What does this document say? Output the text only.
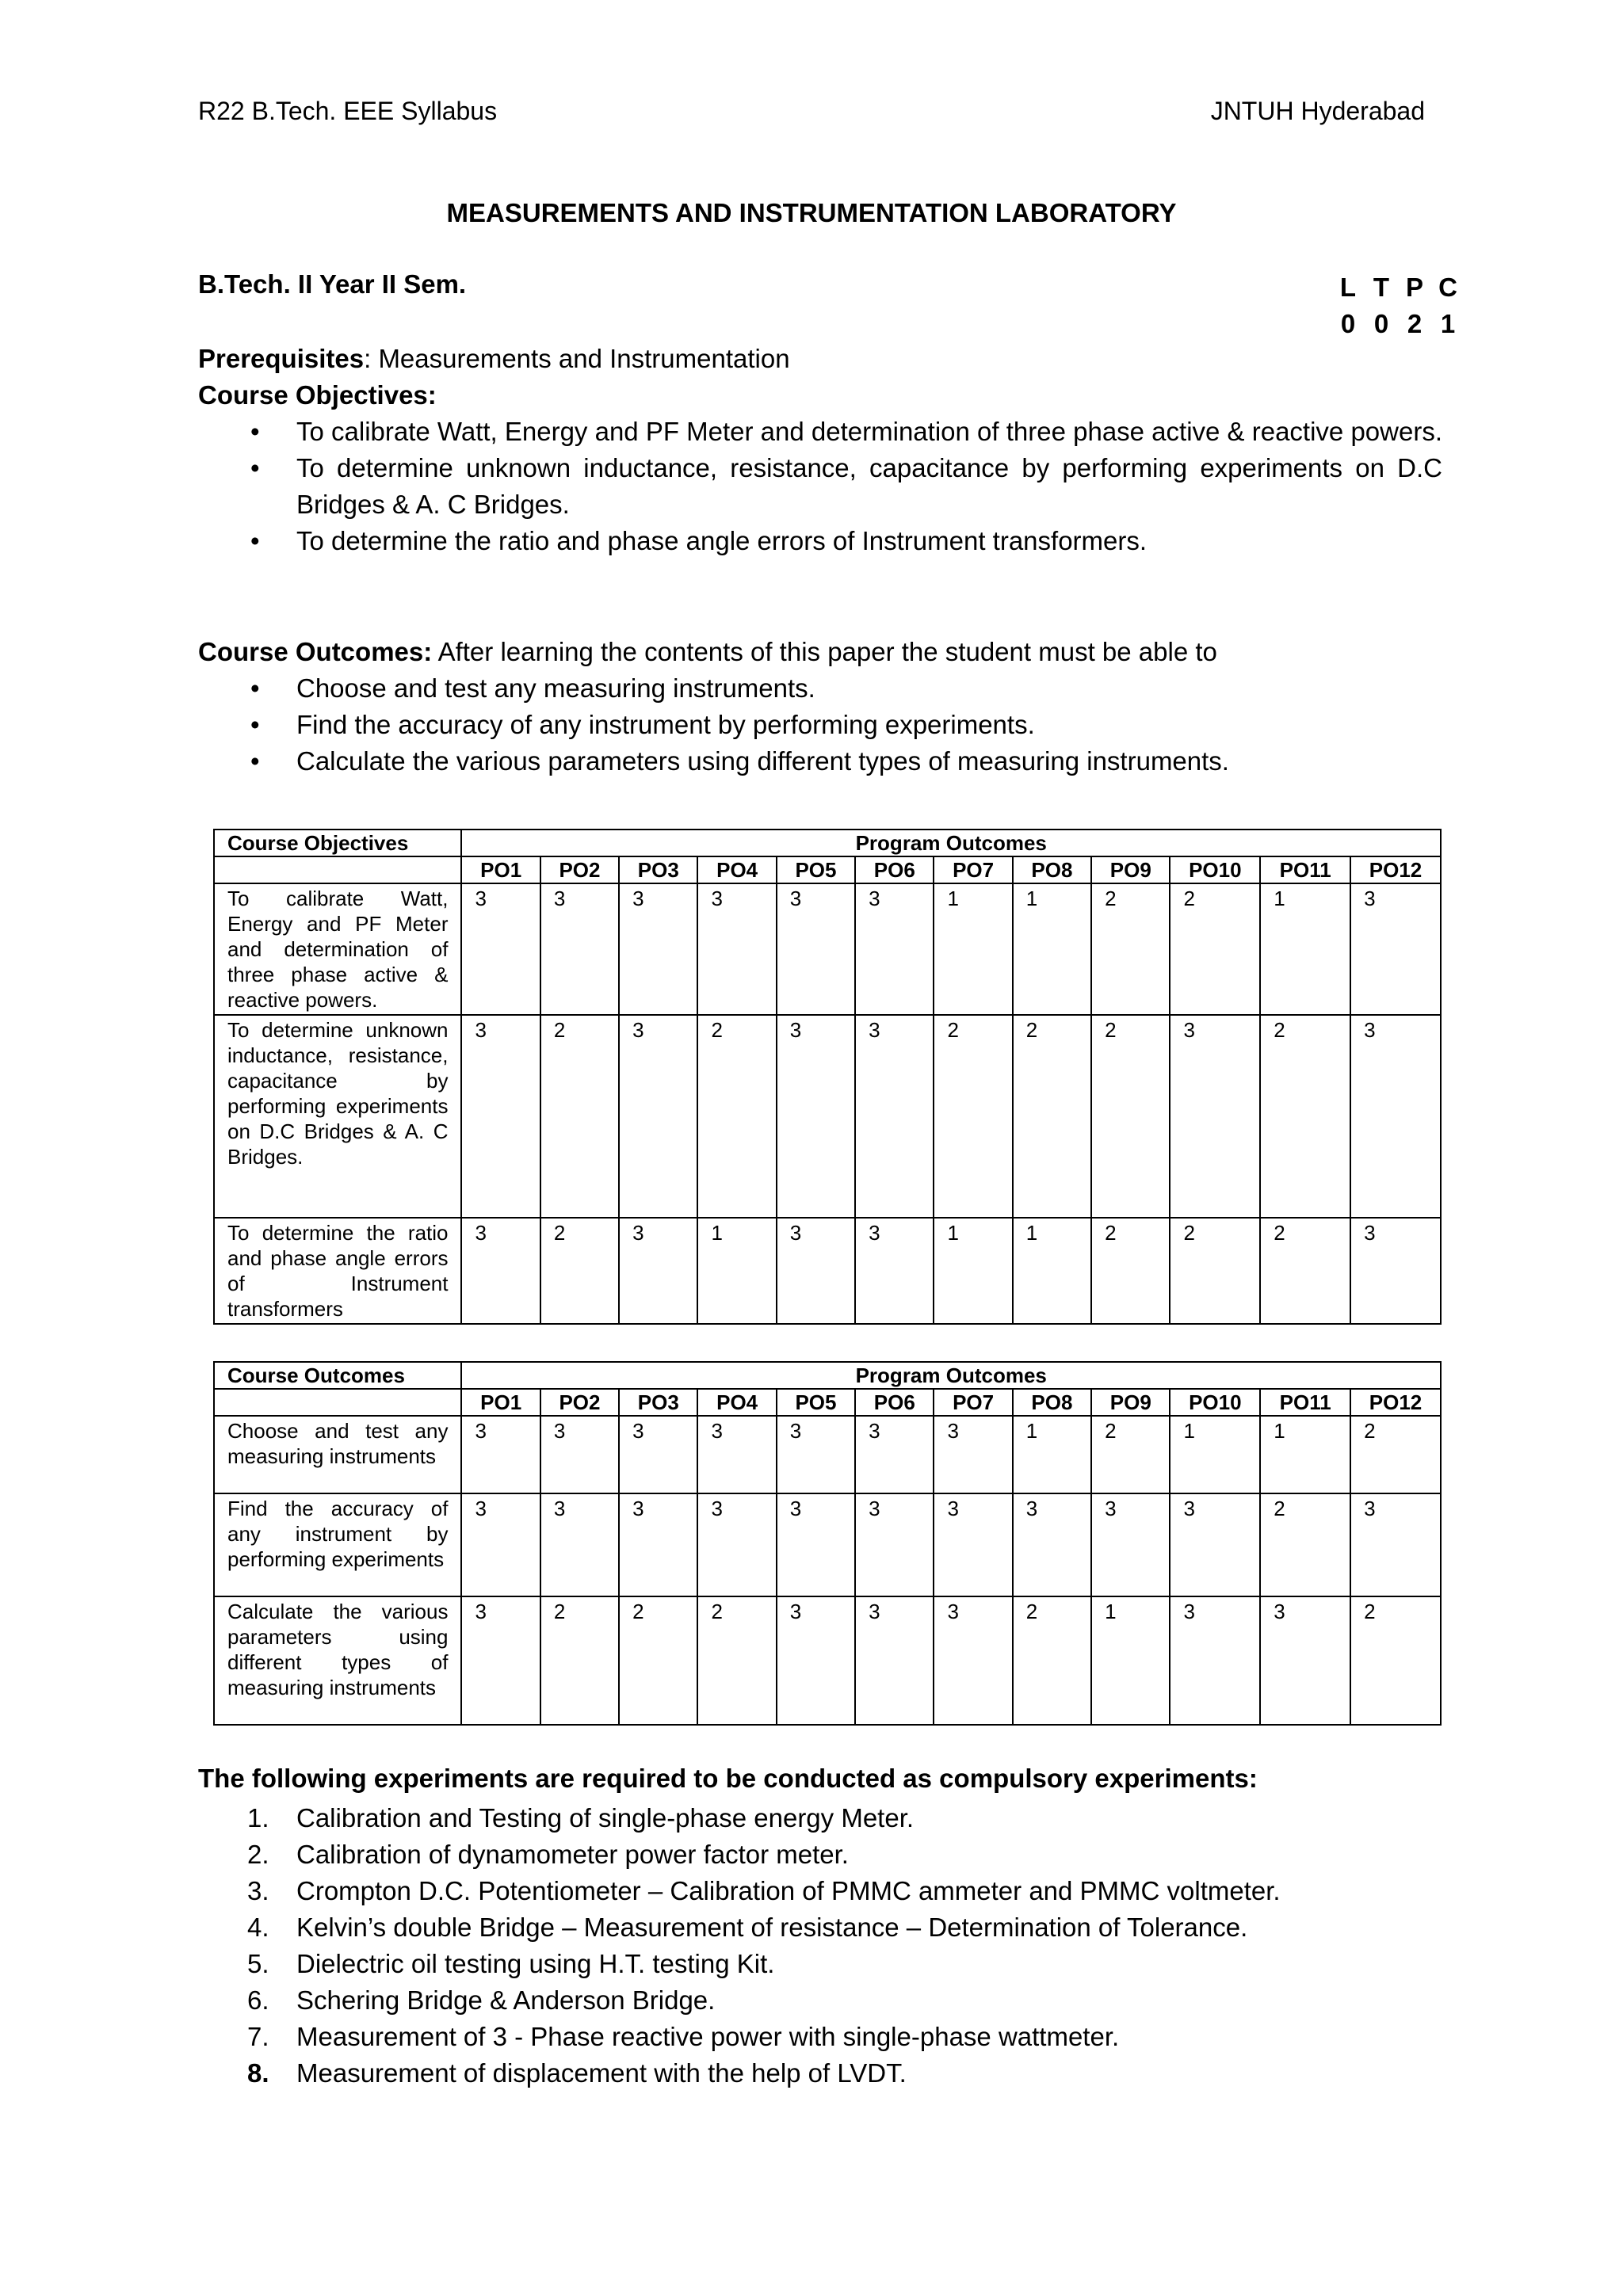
R22 B.Tech. EEE Syllabus	JNTUH Hyderabad
MEASUREMENTS AND INSTRUMENTATION LABORATORY
B.Tech. II Year II Sem.	L T P C
0 0 2 1
Prerequisites: Measurements and Instrumentation
Course Objectives:
• To calibrate Watt, Energy and PF Meter and determination of three phase active & reactive powers.
• To determine unknown inductance, resistance, capacitance by performing experiments on D.C Bridges & A. C Bridges.
• To determine the ratio and phase angle errors of Instrument transformers.
Course Outcomes: After learning the contents of this paper the student must be able to
• Choose and test any measuring instruments.
• Find the accuracy of any instrument by performing experiments.
• Calculate the various parameters using different types of measuring instruments.
Course Objectives	Program Outcomes											
	PO1	PO2	PO3	PO4	PO5	PO6	PO7	PO8	PO9	PO10	PO11	PO12
To calibrate Watt, Energy and PF Meter and determination of three phase active & reactive powers.	3	3	3	3	3	3	1	1	2	2	1	3
To determine unknown inductance, resistance, capacitance by performing experiments on D.C Bridges & A. C Bridges.	3	2	3	2	3	3	2	2	2	3	2	3
To determine the ratio and phase angle errors of Instrument transformers	3	2	3	1	3	3	1	1	2	2	2	3
Course Outcomes	Program Outcomes											
	PO1	PO2	PO3	PO4	PO5	PO6	PO7	PO8	PO9	PO10	PO11	PO12
Choose and test any measuring instruments	3	3	3	3	3	3	3	1	2	1	1	2
Find the accuracy of any instrument by performing experiments	3	3	3	3	3	3	3	3	3	3	2	3
Calculate the various parameters using different types of measuring instruments	3	2	2	2	3	3	3	2	1	3	3	2
The following experiments are required to be conducted as compulsory experiments:
1. Calibration and Testing of single-phase energy Meter.
2. Calibration of dynamometer power factor meter.
3. Crompton D.C. Potentiometer – Calibration of PMMC ammeter and PMMC voltmeter.
4. Kelvin’s double Bridge – Measurement of resistance – Determination of Tolerance.
5. Dielectric oil testing using H.T. testing Kit.
6. Schering Bridge & Anderson Bridge.
7. Measurement of 3 - Phase reactive power with single-phase wattmeter.
8. Measurement of displacement with the help of LVDT.
